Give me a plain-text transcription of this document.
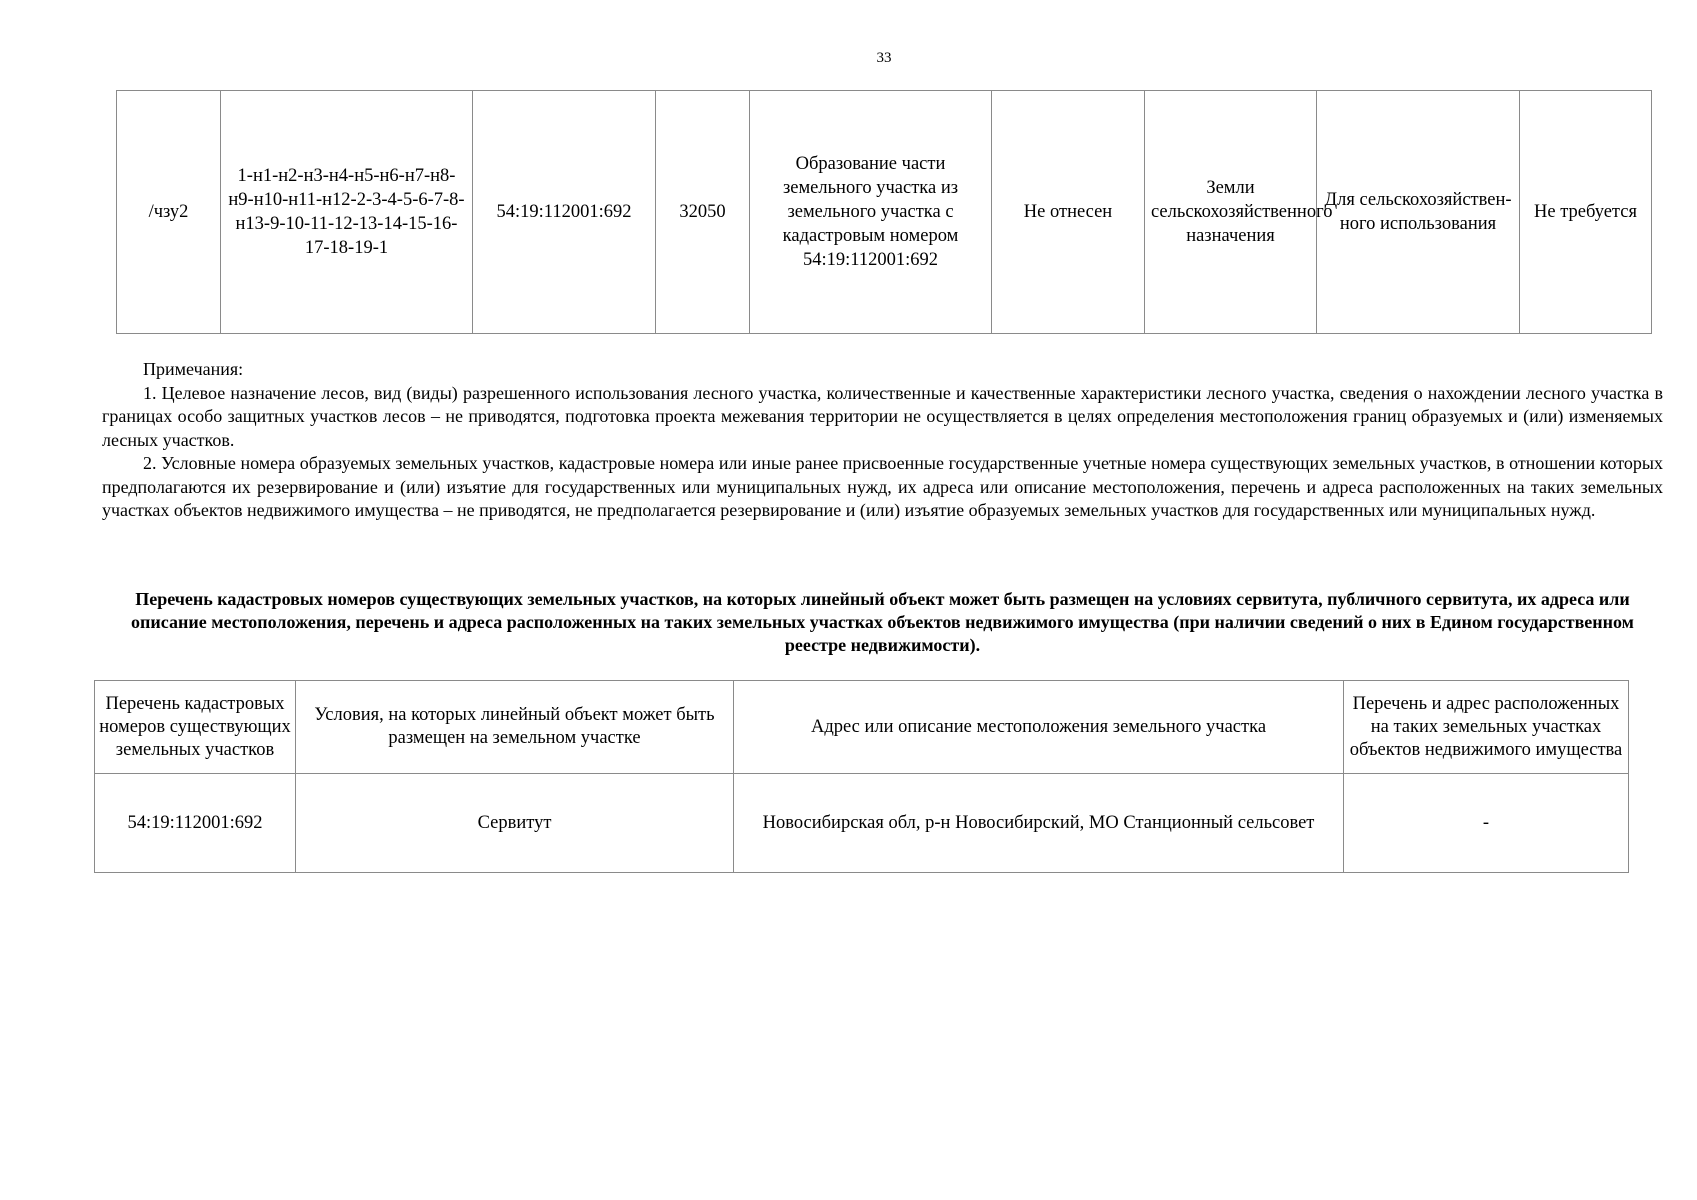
33
/чзу2	1-н1-н2-н3-н4-н5-н6-н7-н8-н9-н10-н11-н12-2-3-4-5-6-7-8-н13-9-10-11-12-13-14-15-16-17-18-19-1	54:19:112001:692	32050	Образование части земельного участка из земельного участка с кадастровым номером 54:19:112001:692	Не отнесен	Земли сельскохозяйственного назначения	Для сельскохозяйствен-ного использования	Не требуется

Примечания:

1. Целевое назначение лесов, вид (виды) разрешенного использования лесного участка, количественные и качественные характеристики лесного участка, сведения о нахождении лесного участка в границах особо защитных участков лесов – не приводятся, подготовка проекта межевания территории не осуществляется в целях определения местоположения границ образуемых и (или) изменяемых лесных участков.

2. Условные номера образуемых земельных участков, кадастровые номера или иные ранее присвоенные государственные учетные номера существующих земельных участков, в отношении которых предполагаются их резервирование и (или) изъятие для государственных или муниципальных нужд, их адреса или описание местоположения, перечень и адреса расположенных на таких земельных участках объектов недвижимого имущества – не приводятся, не предполагается резервирование и (или) изъятие образуемых земельных участков для государственных или муниципальных нужд.

Перечень кадастровых номеров существующих земельных участков, на которых линейный объект может быть размещен на условиях сервитута, публичного сервитута, их адреса или описание местоположения, перечень и адреса расположенных на таких земельных участках объектов недвижимого имущества (при наличии сведений о них в Едином государственном реестре недвижимости).
Перечень кадастровых номеров существующих земельных участков	Условия, на которых линейный объект может быть размещен на земельном участке	Адрес или описание местоположения земельного участка	Перечень и адрес расположенных на таких земельных участках объектов недвижимого имущества
54:19:112001:692	Сервитут	Новосибирская обл, р-н Новосибирский, МО Станционный сельсовет	-
